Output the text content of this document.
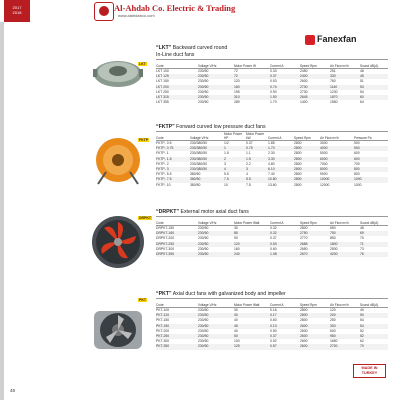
2017
2018	Al-Ahdab Co. Electric & Trading
www.alahdabco.com
Fanexfan
LKT
FKTP
DRPKT
PKT
“LKT” Backward curved round
In-Line duct fans
Code	Voltage V/Hz	Motor Power W	Current A	Speed Rpm	Air Flow m³/h	Sound dB(A)
LKT 100	230/50	72	0.33	2450	251	46
LKT 125	230/50	72	0.37	2400	330	45
LKT 150	230/50	120	0.53	2600	760	51
LKT 200	230/50	160	0.74	2730	1140	53
LKT 250	230/50	195	0.90	2730	1230	54
LKT 315	230/50	310	1.50	2645	1870	60
LKT 355	230/50	289	1.70	1400	1550	64
“FKTP” Forward curved low pressure duct fans
Code	Voltage V/Hz	Motor Power HP	Motor Power kW	Current A	Speed Rpm	Air Flow m³/h	Pressure Pa
FKTP- 0.5	230/380/50	1/2	0.37	1.85	2800	3000	500
FKTP- 0.75	230/380/50	1	0.75	1.70	2800	4000	500
FKTP- 1	230/380/50	1.5	1.1	2.30	2800	5000	600
FKTP- 1.5	230/380/50	2	1.5	3.30	2800	6000	600
FKTP- 2	230/380/50	3	2.2	4.80	2800	7000	700
FKTP- 3	230/380/50	4	3	6.10	2800	8000	800
FKTP- 5.5	380/50	5.5	4	7.40	2800	9000	800
FKTP- 7.5	380/50	7.5	5.5	10.80	2800	10000	1000
FKTP- 10	380/50	10	7.5	13.60	2800	12000	1000
“DRPKT” External motor axial duct fans
Code	Voltage V/Hz	Motor Power Watt	Current A	Speed Rpm	Air Flow m³/h	Sound dB(A)
DRPKT-150	230/50	30	0.32	2800	650	48
DRPKT-160	230/50	85	0.32	2750	750	69
DRPKT-200	230/50	90	0.37	2770	850	70
DRPKT-250	230/50	120	0.53	2685	1800	71
DRPKT-300	230/50	160	0.60	2650	2500	73
DRPKT-350	230/50	240	1.08	2670	4200	76
“PKT” Axial duct fans with galvanized body and impeller
Code	Voltage V/Hz	Motor Power Watt	Current A	Speed Rpm	Air Flow m³/h	Sound dB(A)
PKT-100	230/50	30	0.16	2800	120	40
PKT-120	230/50	30	0.17	2800	200	50
PKT-150	230/50	40	0.60	2800	250	54
PKT-150	230/50	45	0.13	2600	300	54
PKT-200	230/50	40	0.50	2600	600	52
PKT-250	230/50	50	0.37	2600	960	52
PKT-300	230/50	100	0.52	2600	1650	62
PKT-350	230/50	125	0.57	2600	2700	70
MADE IN
TURKEY
48
